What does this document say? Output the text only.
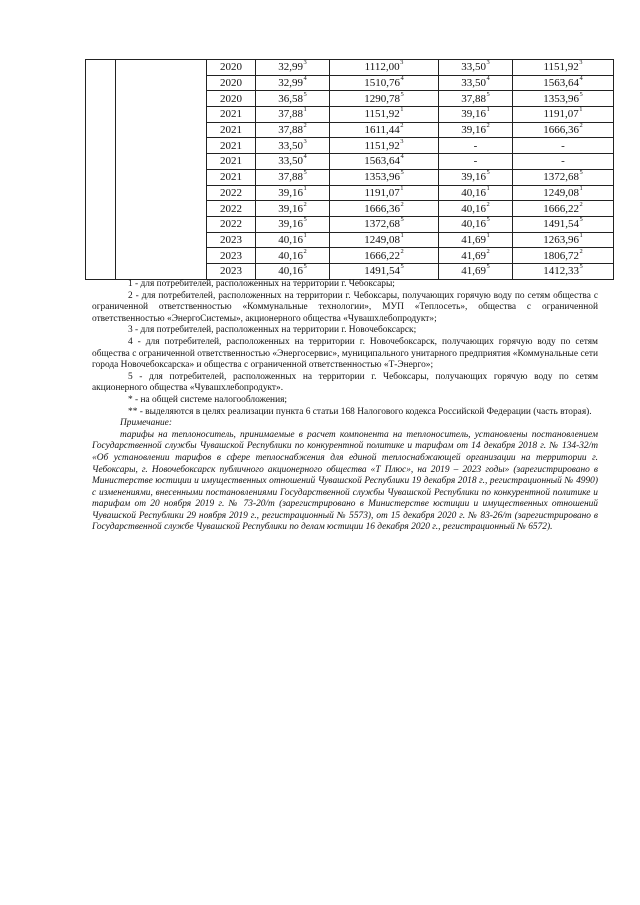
		2020	32,99$^3$	1112,00$^3$	33,50$^3$	1151,92$^3$
		2020	32,99$^4$	1510,76$^4$	33,50$^4$	1563,64$^4$
		2020	36,58$^5$	1290,78$^5$	37,88$^5$	1353,96$^5$
		2021	37,88$^1$	1151,92$^1$	39,16$^1$	1191,07$^1$
		2021	37,88$^2$	1611,44$^2$	39,16$^2$	1666,36$^2$
		2021	33,50$^3$	1151,92$^3$	-	-
		2021	33,50$^4$	1563,64$^4$	-	-
		2021	37,88$^5$	1353,96$^5$	39,16$^5$	1372,68$^5$
		2022	39,16$^1$	1191,07$^1$	40,16$^1$	1249,08$^1$
		2022	39,16$^2$	1666,36$^2$	40,16$^2$	1666,22$^2$
		2022	39,16$^5$	1372,68$^5$	40,16$^5$	1491,54$^5$
		2023	40,16$^1$	1249,08$^1$	41,69$^1$	1263,96$^1$
		2023	40,16$^2$	1666,22$^2$	41,69$^2$	1806,72$^2$
		2023	40,16$^5$	1491,54$^5$	41,69$^5$	1412,33$^5$

1 - для потребителей, расположенных на территории г. Чебоксары;

2 - для потребителей, расположенных на территории г. Чебоксары, получающих горячую воду по сетям общества с ограниченной ответственностью «Коммунальные технологии», МУП «Теплосеть», общества с ограниченной ответственностью «ЭнергоСистемы», акционерного общества «Чувашхлебопродукт»;

3 - для потребителей, расположенных на территории г. Новочебоксарск;

4 - для потребителей, расположенных на территории г. Новочебоксарск, получающих горячую воду по сетям общества с ограниченной ответственностью «Энергосервис», муниципального унитарного предприятия «Коммунальные сети города Новочебоксарска» и общества с ограниченной ответственностью «Т-Энерго»;

5 - для потребителей, расположенных на территории г. Чебоксары, получающих горячую воду по сетям акционерного общества «Чувашхлебопродукт».

* - на общей системе налогообложения;

** - выделяются в целях реализации пункта 6 статьи 168 Налогового кодекса Российской Федерации (часть вторая).

Примечание:

тарифы на теплоноситель, принимаемые в расчет компонента на теплоноситель, установлены постановлением Государственной службы Чувашской Республики по конкурентной политике и тарифам от 14 декабря 2018 г. № 134-32/т «Об установлении тарифов в сфере теплоснабжения для единой теплоснабжающей организации на территории г. Чебоксары, г. Новочебоксарск публичного акционерного общества «Т Плюс», на 2019 – 2023 годы» (зарегистрировано в Министерстве юстиции и имущественных отношений Чувашской Республики 19 декабря 2018 г., регистрационный № 4990) с изменениями, внесенными постановлениями Государственной службы Чувашской Республики по конкурентной политике и тарифам от 20 ноября 2019 г. № 73-20/т (зарегистрировано в Министерстве юстиции и имущественных отношений Чувашской Республики 29 ноября 2019 г., регистрационный № 5573), от 15 декабря 2020 г. № 83-26/т (зарегистрировано в Государственной службе Чувашской Республики по делам юстиции 16 декабря 2020 г., регистрационный № 6572).
